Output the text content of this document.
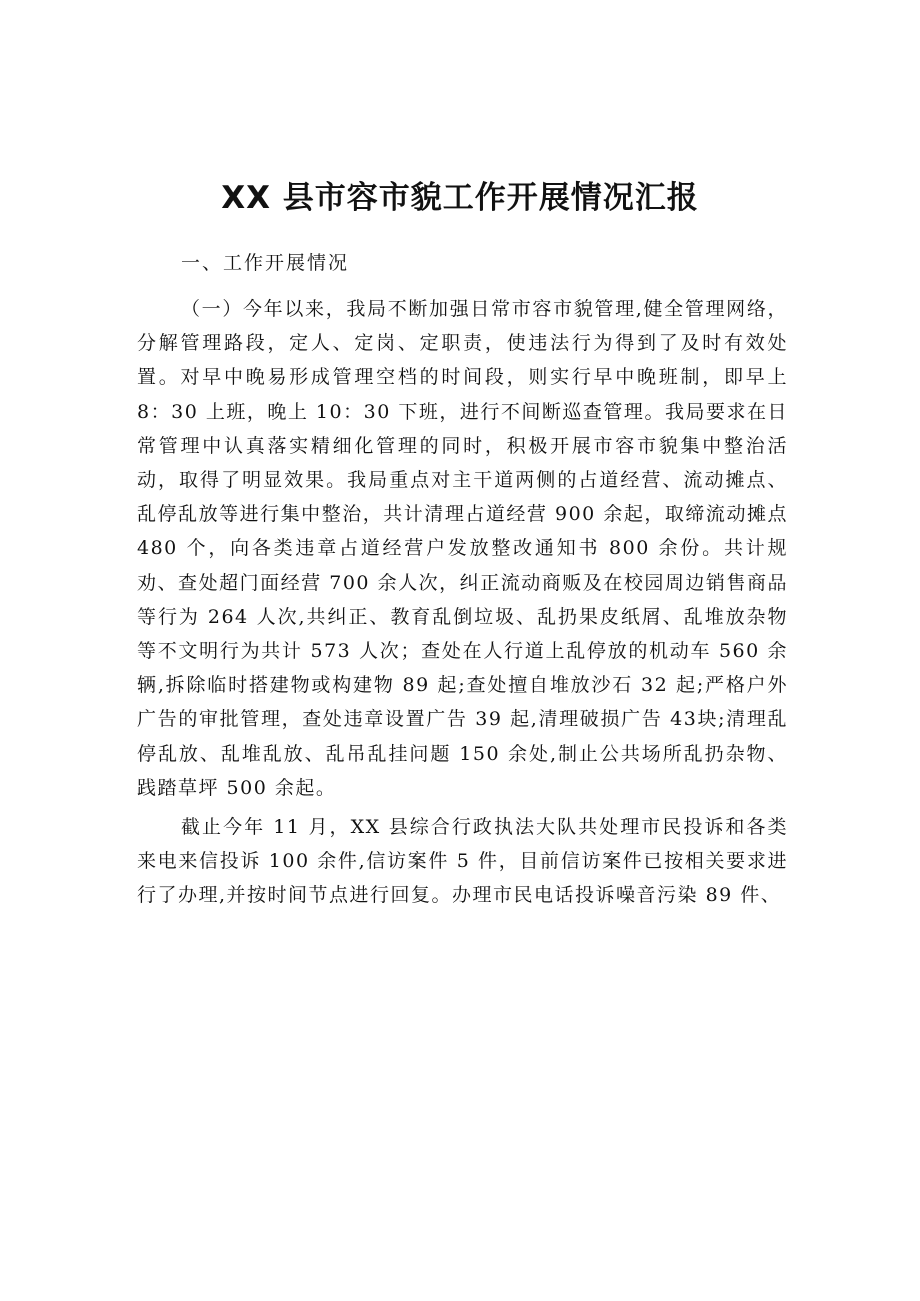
XX 县市容市貌工作开展情况汇报
一、工作开展情况

（一）今年以来，我局不断加强日常市容市貌管理,健全管理网络，分解管理路段，定人、定岗、定职责，使违法行为得到了及时有效处置。对早中晚易形成管理空档的时间段，则实行早中晚班制，即早上 8：30 上班，晚上 10：30 下班，进行不间断巡查管理。我局要求在日常管理中认真落实精细化管理的同时，积极开展市容市貌集中整治活动，取得了明显效果。我局重点对主干道两侧的占道经营、流动摊点、乱停乱放等进行集中整治，共计清理占道经营 900 余起，取缔流动摊点 480 个，向各类违章占道经营户发放整改通知书 800 余份。共计规劝、查处超门面经营 700 余人次，纠正流动商贩及在校园周边销售商品等行为 264 人次,共纠正、教育乱倒垃圾、乱扔果皮纸屑、乱堆放杂物等不文明行为共计 573 人次；查处在人行道上乱停放的机动车 560 余辆,拆除临时搭建物或构建物 89 起;查处擅自堆放沙石 32 起;严格户外广告的审批管理，查处违章设置广告 39 起,清理破损广告 43块;清理乱停乱放、乱堆乱放、乱吊乱挂问题 150 余处,制止公共场所乱扔杂物、践踏草坪 500 余起。

截止今年 11 月，XX 县综合行政执法大队共处理市民投诉和各类来电来信投诉 100 余件,信访案件 5 件，目前信访案件已按相关要求进行了办理,并按时间节点进行回复。办理市民电话投诉噪音污染 89 件、
